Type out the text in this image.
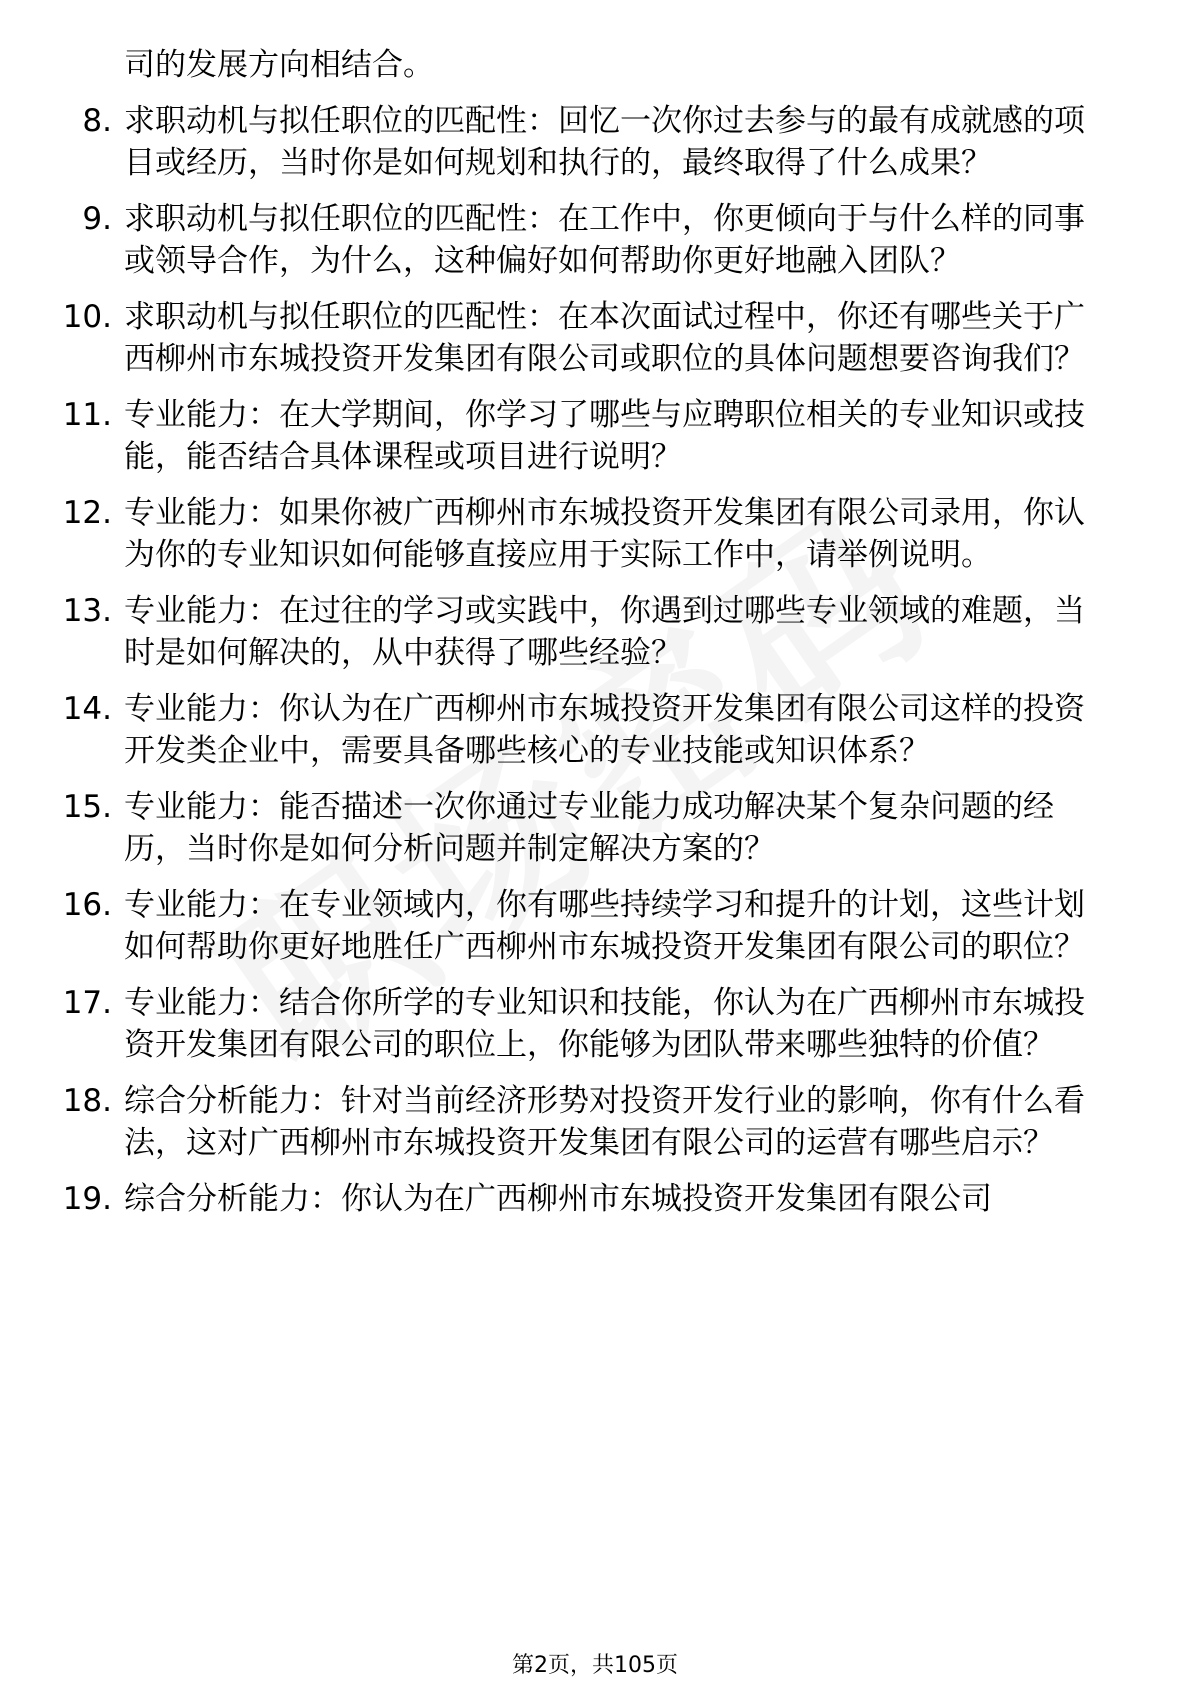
司的发展方向相结合。
8. 求职动机与拟任职位的匹配性：回忆一次你过去参与的最有成就感的项目或经历，当时你是如何规划和执行的，最终取得了什么成果？
9. 求职动机与拟任职位的匹配性：在工作中，你更倾向于与什么样的同事或领导合作，为什么，这种偏好如何帮助你更好地融入团队？
10. 求职动机与拟任职位的匹配性：在本次面试过程中，你还有哪些关于广西柳州市东城投资开发集团有限公司或职位的具体问题想要咨询我们？
11. 专业能力：在大学期间，你学习了哪些与应聘职位相关的专业知识或技能，能否结合具体课程或项目进行说明？
12. 专业能力：如果你被广西柳州市东城投资开发集团有限公司录用，你认为你的专业知识如何能够直接应用于实际工作中，请举例说明。
13. 专业能力：在过往的学习或实践中，你遇到过哪些专业领域的难题，当时是如何解决的，从中获得了哪些经验？
14. 专业能力：你认为在广西柳州市东城投资开发集团有限公司这样的投资开发类企业中，需要具备哪些核心的专业技能或知识体系？
15. 专业能力：能否描述一次你通过专业能力成功解决某个复杂问题的经历，当时你是如何分析问题并制定解决方案的？
16. 专业能力：在专业领域内，你有哪些持续学习和提升的计划，这些计划如何帮助你更好地胜任广西柳州市东城投资开发集团有限公司的职位？
17. 专业能力：结合你所学的专业知识和技能，你认为在广西柳州市东城投资开发集团有限公司的职位上，你能够为团队带来哪些独特的价值？
18. 综合分析能力：针对当前经济形势对投资开发行业的影响，你有什么看法，这对广西柳州市东城投资开发集团有限公司的运营有哪些启示？
19. 综合分析能力：你认为在广西柳州市东城投资开发集团有限公司
第2页，共105页
